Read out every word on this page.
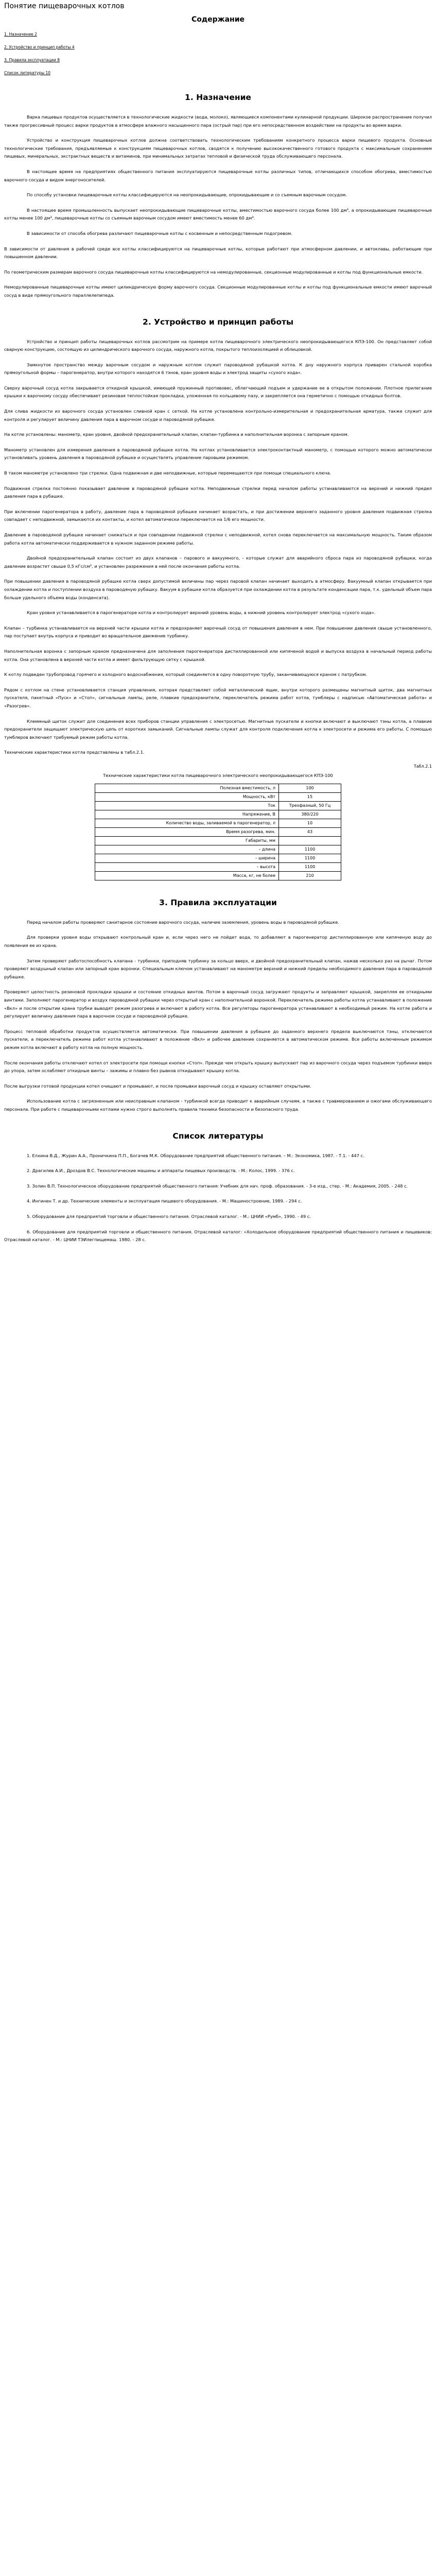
Понятие пищеварочных котлов
Содержание
1. Назначение 2
2. Устройство и принцип работы 4
3. Правила эксплуатации 8
Список литературы 10
1. Назначение

Варка пищевых продуктов осуществляется в технологические жидкости (вода, молоко), являющиеся компонентами кулинарной продукции. Широкое распространение получил также прогрессивный процесс варки продуктов в атмосфере влажного насыщенного пара (острый пар) при его непосредственном воздействии на продукты во время варки.

Устройство и конструкция пищеварочных котлов должна соответствовать технологическим требованиям конкретного процесса варки пищевого продукта. Основные технологические требования, предъявляемые к конструкциям пищеварочных котлов, сводятся к получению высококачественного готового продукта с максимальным сохранением пищевых, минеральных, экстрактных веществ и витаминов, при минимальных затратах тепловой и физической труда обслуживающего персонала.

В настоящее время на предприятиях общественного питания эксплуатируются пищеварочные котлы различных типов, отличающихся способом обогрева, вместимостью варочного сосуда и видом энергоносителей.

По способу установки пищеварочные котлы классифицируются на неопрокидывающие, опрокидывающие и со съемным варочным сосудом.

В настоящее время промышленность выпускает неопрокидывающие пищеварочные котлы, вместимостью варочного сосуда более 100 дм³, а опрокидывающие пищеварочные котлы менее 100 дм³, пищеварочные котлы со съемным варочным сосудом имеют вместимость менее 60 дм³.

В зависимости от способа обогрева различают пищеварочные котлы с косвенным и непосредственным подогревом.

В зависимости от давления в рабочей среде все котлы классифицируются на пищеварочные котлы, которые работают при атмосферном давлении, и автоклавы, работающие при повышенном давлении.

По геометрическим размерам варочного сосуда пищеварочные котлы классифицируются на немодулированные, секционные модулированные и котлы под функциональные емкости.

Немодулированные пищеварочные котлы имеют цилиндрическую форму варочного сосуда. Секционные модулированные котлы и котлы под функциональные емкости имеют варочный сосуд в виде прямоугольного параллелепипеда.

2. Устройство и принцип работы

Устройство и принцип работы пищеварочных котлов рассмотрим на примере котла пищеварочного электрического неопрокидывающегося КПЭ-100. Он представляет собой сварную конструкцию, состоящую из цилиндрического варочного сосуда, наружного котла, покрытого теплоизоляцией и облицовкой.

Замкнутое пространство между варочным сосудом и наружным котлом служит пароводяной рубашкой котла. К дну наружного корпуса приварен стальной коробка прямоугольной формы – парогенератор, внутри которого находятся 6 тэнов, кран уровня воды и электрод защиты «сухого хода».

Сверху варочный сосуд котла закрывается откидной крышкой, имеющей пружинный противовес, облегчающий подъем и удержание ее в открытом положении. Плотное прилегание крышки к варочному сосуду обеспечивает резиновая теплостойкая прокладка, уложенная по кольцевому пазу, и закрепляется она герметично с помощью откидных болтов.

Для слива жидкости из варочного сосуда установлен сливной кран с сеткой. На котле установлена контрольно-измерительная и предохранительная арматура, также служит для контроля и регулирует величину давления пара в варочном сосуде и пароводяной рубашке.

На котле установлены: манометр, кран уровня, двойной предохранительный клапан, клапан-турбинка и наполнительная воронка с запорным краном.

Манометр установлен для измерения давления в пароводяной рубашке котла. На котлах установливается электроконтактный манометр, с помощью которого можно автоматически установливать уровень давления в пароводяной рубашке и осуществлять управление паровыми режимом.

В таком манометре установлено три стрелки. Одна подвижная и две неподвижные, которые перемещаются при помощи специального ключа.

Подвижная стрелка постоянно показывает давление в пароводяной рубашке котла. Неподвижные стрелки перед началом работы устанавливаются на верхний и нижний предел давления пара в рубашке.

При включении парогенератора в работу, давление пара в пароводяной рубашке начинает возрастать, и при достижении верхнего заданного уровня давления подвижная стрелка совпадает с неподвижной, замыкаются их контакты, и котел автоматически переключается на 1/6 его мощности.

Давление в пароводяной рубашке начинает снижаться и при совпадении подвижной стрелки с неподвижной, котел снова переключается на максимальную мощность. Таким образом работа котла автоматически поддерживается в нужном заданном режиме работы.

Двойной предохранительный клапан состоит из двух клапанов – парового и вакуумного, - которые служат для аварийного сброса пара из пароводяной рубашки, когда давление возрастет свыше 0,5 кГс/см², и установлен разрежения в ней после окончания работы котла.

При повышении давления в пароводяной рубашке котла сверх допустимой величины пар через паровой клапан начинает выходить в атмосферу. Вакуумный клапан открывается при охлаждении котла и поступлении воздуха в пароводяную рубашку. Вакуум в рубашке котла образуется при охлаждении котла в результате конденсации пара, т.к. удельный объем пара больше удельного объема воды (конденсата).

Кран уровня устанавливается в парогенераторе котла и контролирует верхний уровень воды, а нижний уровень контролирует электрод «сухого хода».

Клапан – турбинка устанавливается на верхней части крышки котла и предохраняет варочный сосуд от повышения давления в нем. При повышении давления свыше установленного, пар поступает внутрь корпуса и приводит во вращательное движение турбинку.

Наполнительная воронка с запорным краном предназначена для заполнения парогенератора дистиллированной или кипяченой водой и выпуска воздуха в начальный период работы котла. Она установлена в верхней части котла и имеет фильтрующую сетку с крышкой.

К котлу подведен трубопровод горячего и холодного водоснабжения, который соединяется в одну поворотную трубу, заканчивающуюся краном с патрубком.

Рядом с котлом на стене установливается станция управления, которая представляет собой металлический ящик, внутри которого размещены магнитный щиток, два магнитных пускателя, пакетный «Пуск» и «Стоп», сигнальные лампы, реле, плавкие предохранители, переключатель режима работ котла, тумблеры с надписью «Автоматическая работа» и «Разогрев».

Клеммный щиток служит для соединения всех приборов станции управления с электросетью. Магнитные пускатели и кнопки включают и выключают тэны котла, а плавкие предохранители защищают электрическую цепь от коротких замыканий. Сигнальные лампы служат для контроля подключения котла к электросети и режима его работы. С помощью тумблеров включают требуемый режим работы котла.

Технические характеристики котла представлены в табл.2.1.

Табл.2.1
Технические характеристики котла пищеварочного электрического неопрокидывающегося КПЭ-100
Полезная вместимость, л	100
Мощность, кВт	15
Ток	Трехфазный, 50 Гц
Напряжение, В	380/220
Количество воды, заливаемой в парогенератор, л	10
Время разогрева, мин.	43
Габариты, мм	
– длина	1100
– ширина	1100
– высота	1100
Масса, кг, не более	210
3. Правила эксплуатации

Перед началом работы проверяют санитарное состояние варочного сосуда, наличие заземления, уровень воды в пароводяной рубашке.

Для проверки уровня воды открывают контрольный кран и, если через него не пойдет вода, то добавляют в парогенератор дистиллированную или кипяченую воду до появления ее из крана.

Затем проверяют работоспособность клапана - турбинки, приподняв турбинку за кольцо вверх, и двойной предохранительный клапан, нажав несколько раз на рычаг. Потом проверяют воздушный клапан или запорный кран воронки. Специальным ключом устанавливают на манометре верхний и нижний пределы необходимого давления пара в пароводяной рубашке.

Проверяют целостность резиновой прокладки крышки и состояние откидных винтов. Потом в варочный сосуд загружают продукты и заправляют крышкой, закрепляя ее откидными винтами. Заполняют парогенератор и воздух пароводяной рубашки через открытый кран с наполнительной воронкой. Переключатель режима работы котла устанавливают в положение «Вкл» и после открытии крана трубки выводят режим разогрева и включают в работу котла. Все регуляторы парогенератора устанавливают в необходимый режим. На котле работа и регулирует величину давления пара в варочном сосуде и пароводяной рубашке.

Процесс тепловой обработки продуктов осуществляется автоматически. При повышении давления в рубашке до заданного верхнего предела выключаются тэны, отключаются пускатели, а переключатель режима работ котла устанавливают в положение «Вкл» и рабочее давление сохраняется в автоматическом режиме. Все работы включенным режимом режим котла включают в работу котла на полную мощность.

После окончания работы отключают котел от электросети при помощи кнопки «Стоп». Прежде чем открыть крышку выпускают пар из варочного сосуда через подъемом турбинки вверх до упора, затем ослабляют откидные винты – зажимы и плавно без рывков откидывают крышку котла.

После выгрузки готовой продукции котел очищают и промывают, и после промывки варочный сосуд и крышку оставляют открытыми.

Использование котла с загрязненным или неисправным клапаном - турбинкой всегда приводит к аварийным случаям, а также с травмированием и ожогами обслуживающего персонала. При работе с пищеварочными котлами нужно строго выполнять правила техники безопасности и безопасного труда.

Список литературы
1. Елхина В.Д., Журин А.А., Проничкина П.П., Богачев М.К. Оборудование предприятий общественного питания. – М.: Экономика, 1987. - Т.1. - 447 с.
2. Драгилев А.И., Дроздов В.С. Технологические машины и аппараты пищевых производств. - М.: Колос, 1999. - 376 с.
3. Золин В.П. Технологическое оборудование предприятий общественного питания: Учебник для нач. проф. образования. - 3-е изд., стер. - М.: Академия, 2005. - 248 с.
4. Ингинен Т. и др. Технические элементы и эксплуатация пищевого оборудования. - М.: Машиностроение, 1989. - 294 с.
5. Оборудование для предприятий торговли и общественного питания. Отраслевой каталог. - М.: ЦНИИ «Румб», 1990. - 49 с.
6. Оборудование для предприятий торговли и общественного питания. Отраслевой каталог: «Холодильное оборудование предприятий общественного питания и пищевиков: Отраслевой каталог. - М.: ЦНИИ ТЭИлегпищемаш. 1980. - 28 с.
